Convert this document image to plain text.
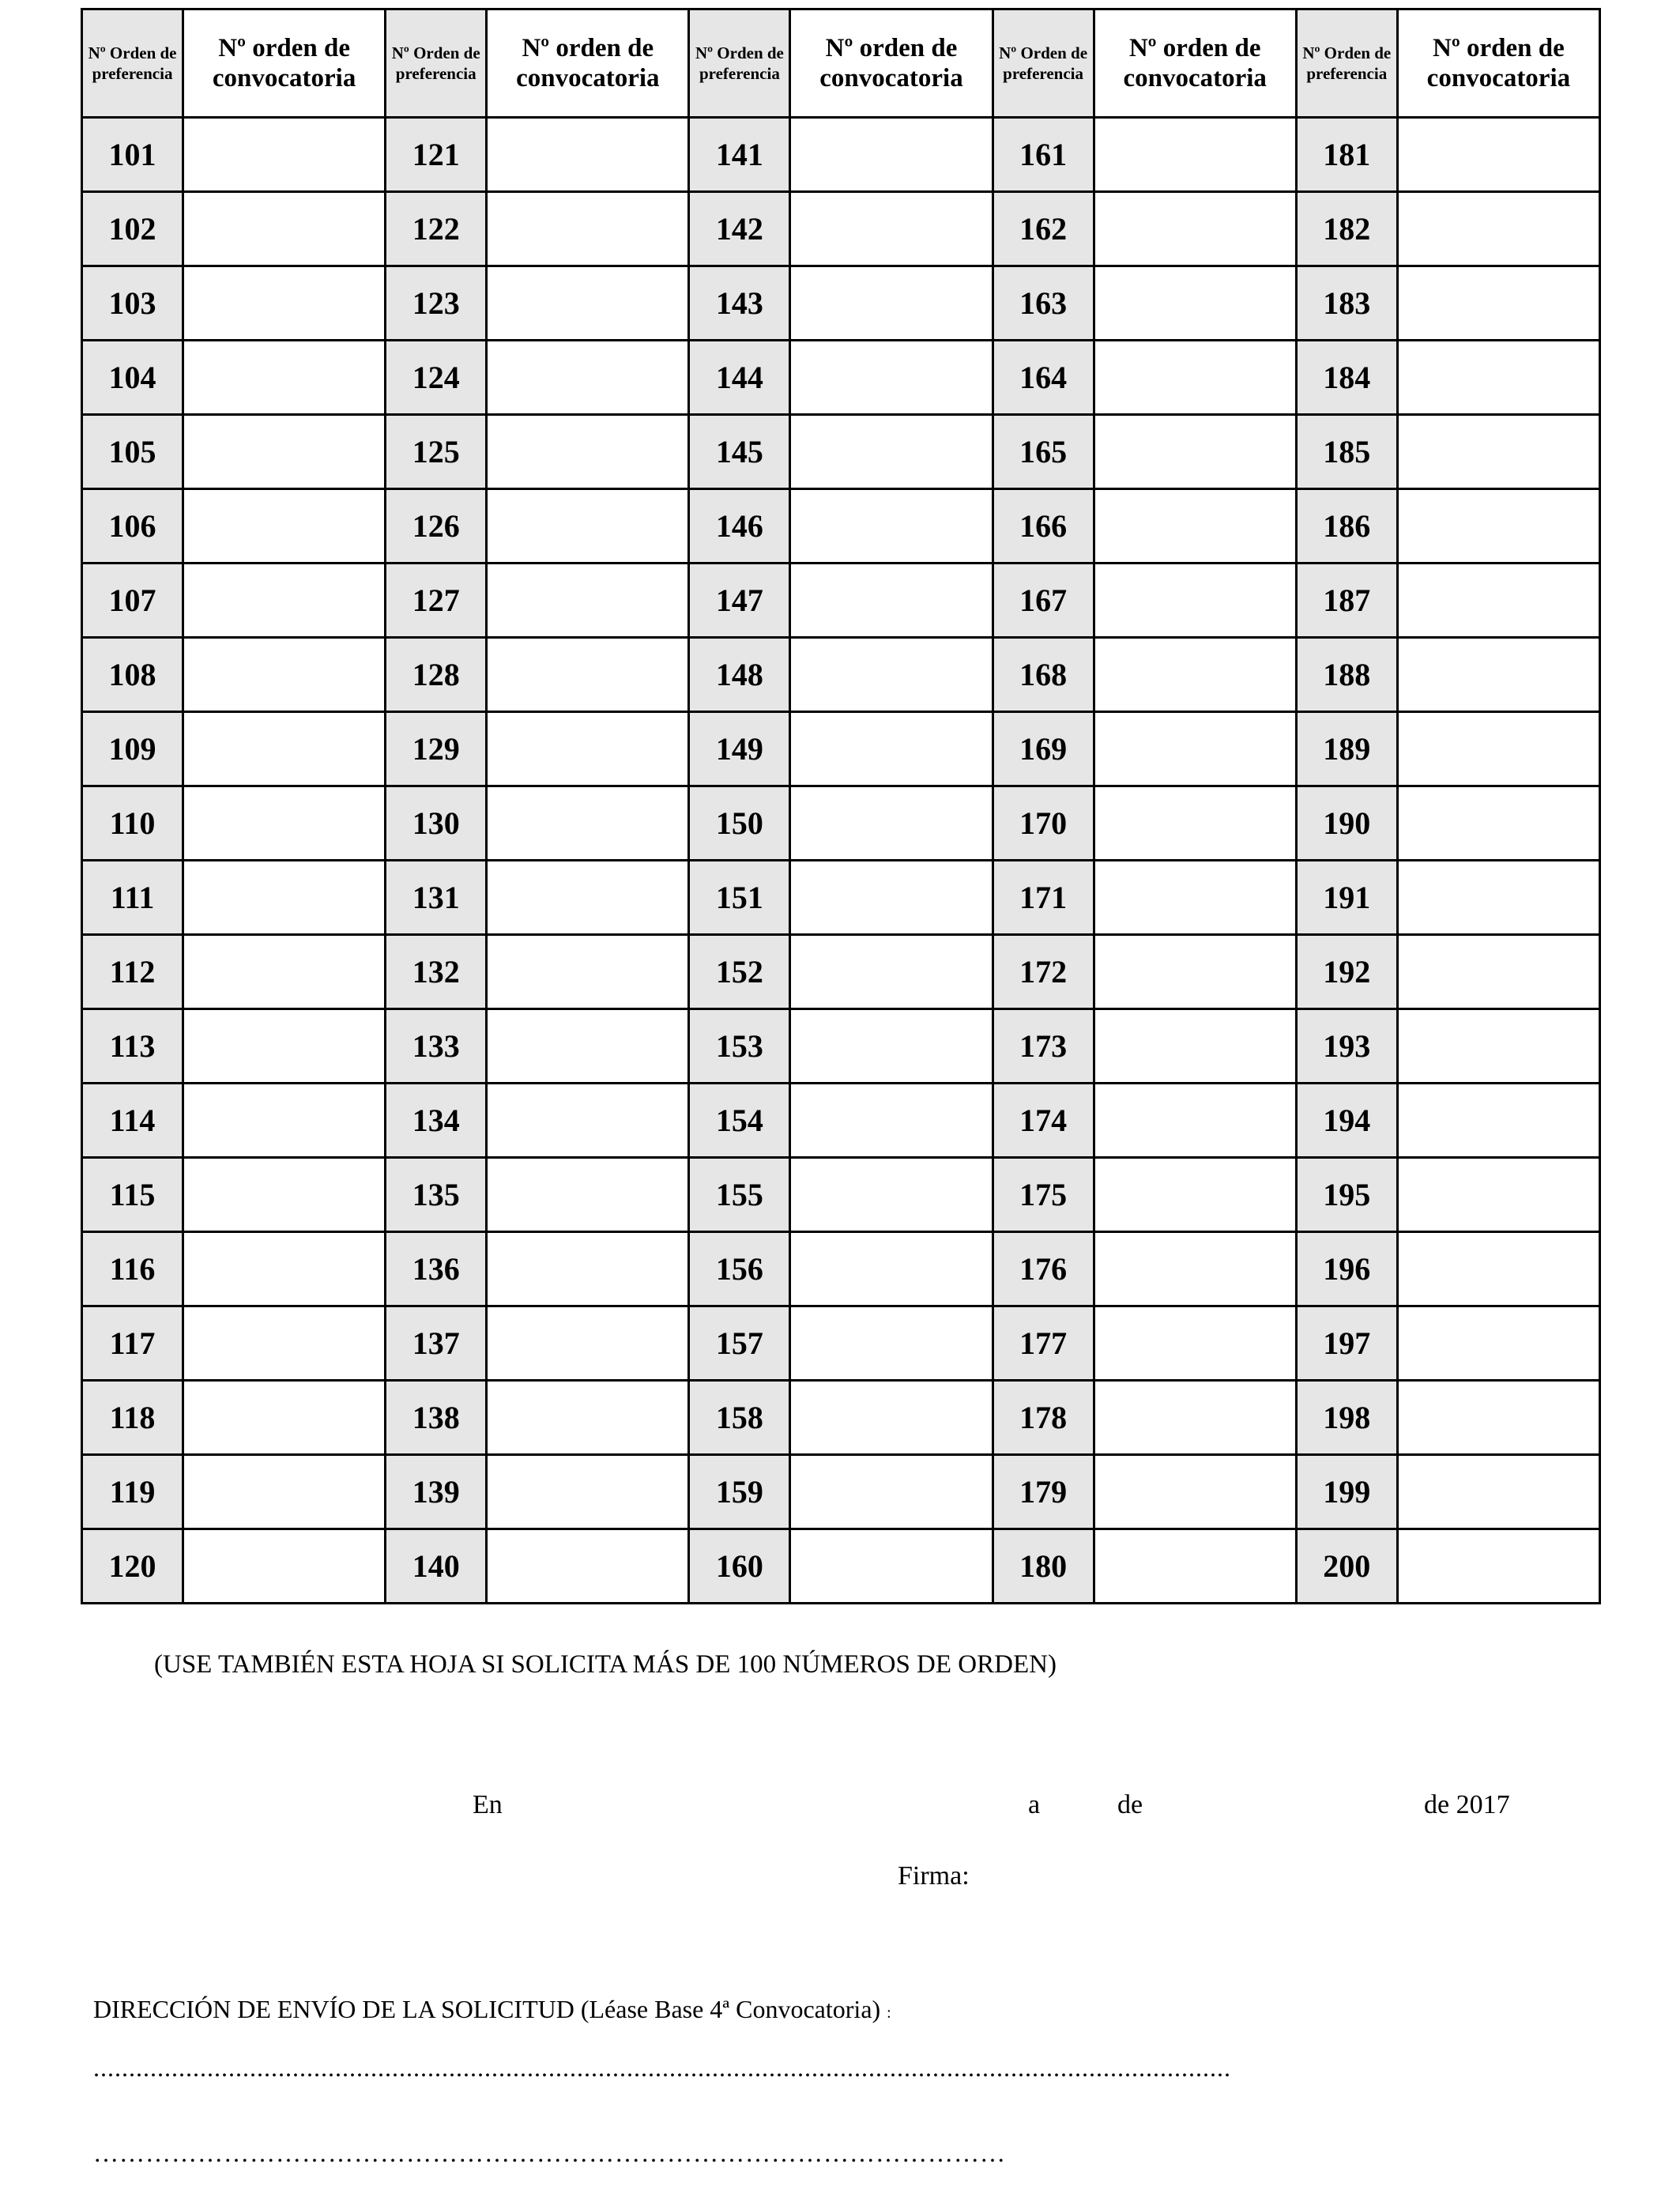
Nº Orden de preferencia	Nº orden de convocatoria	Nº Orden de preferencia	Nº orden de convocatoria	Nº Orden de preferencia	Nº orden de convocatoria	Nº Orden de preferencia	Nº orden de convocatoria	Nº Orden de preferencia	Nº orden de convocatoria
101		121		141		161		181	
102		122		142		162		182	
103		123		143		163		183	
104		124		144		164		184	
105		125		145		165		185	
106		126		146		166		186	
107		127		147		167		187	
108		128		148		168		188	
109		129		149		169		189	
110		130		150		170		190	
111		131		151		171		191	
112		132		152		172		192	
113		133		153		173		193	
114		134		154		174		194	
115		135		155		175		195	
116		136		156		176		196	
117		137		157		177		197	
118		138		158		178		198	
119		139		159		179		199	
120		140		160		180		200	
(USE TAMBIÉN ESTA HOJA SI SOLICITA MÁS DE 100 NÚMEROS DE ORDEN)
En	a	de	de 2017
Firma:
DIRECCIÓN DE ENVÍO DE LA SOLICITUD (Léase Base 4ª Convocatoria) :
................................................................................................................................................................
……………………………………………………………………………………………
